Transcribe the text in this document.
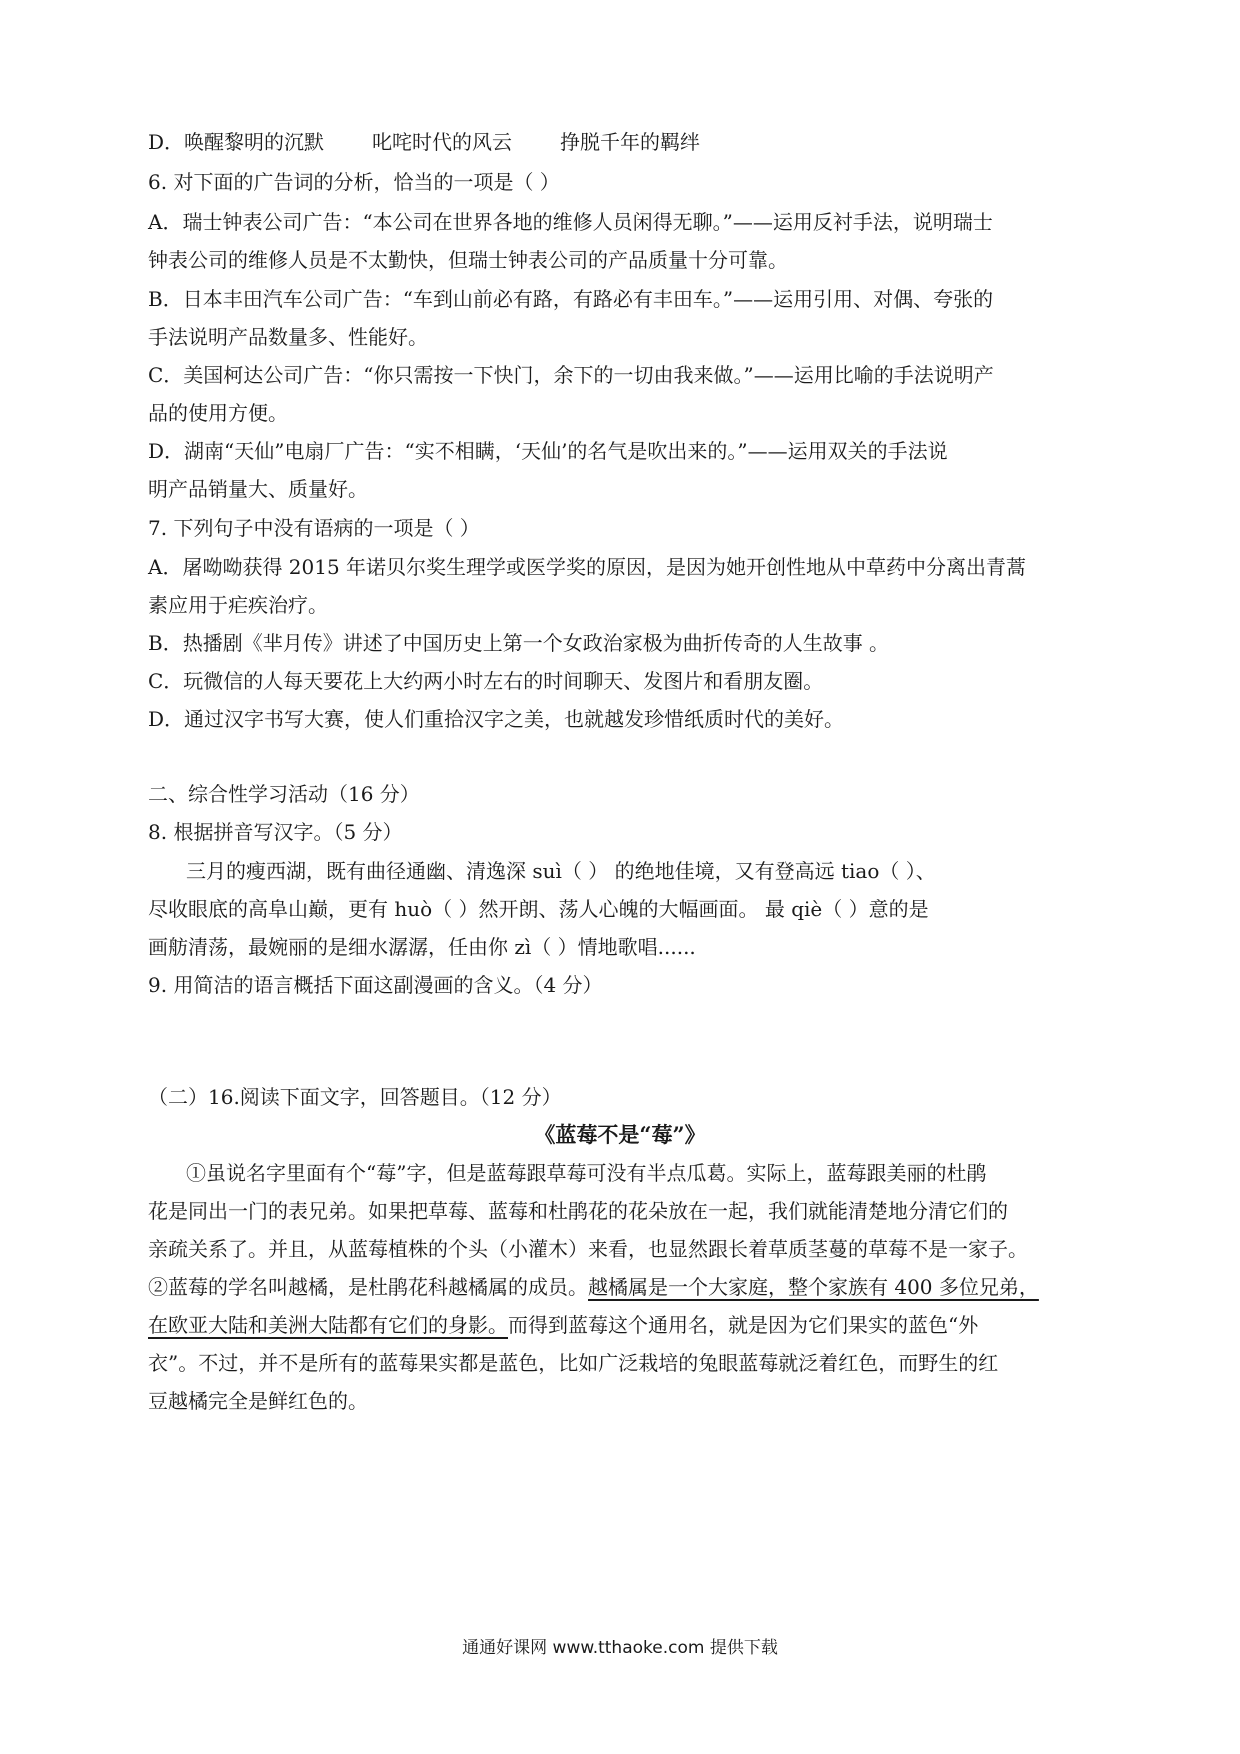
D．唤醒黎明的沉默 叱咤时代的风云 挣脱千年的羁绊
6. 对下面的广告词的分析，恰当的一项是（ ）
A．瑞士钟表公司广告：“本公司在世界各地的维修人员闲得无聊。”——运用反衬手法，说明瑞士
钟表公司的维修人员是不太勤快，但瑞士钟表公司的产品质量十分可靠。
B．日本丰田汽车公司广告：“车到山前必有路，有路必有丰田车。”——运用引用、对偶、夸张的
手法说明产品数量多、性能好。
C．美国柯达公司广告：“你只需按一下快门，余下的一切由我来做。”——运用比喻的手法说明产
品的使用方便。
D．湖南“天仙”电扇厂广告：“实不相瞒，‘天仙’的名气是吹出来的。”——运用双关的手法说
明产品销量大、质量好。
7. 下列句子中没有语病的一项是（ ）
A．屠呦呦获得 2015 年诺贝尔奖生理学或医学奖的原因，是因为她开创性地从中草药中分离出青蒿
素应用于疟疾治疗。
B．热播剧《芈月传》讲述了中国历史上第一个女政治家极为曲折传奇的人生故事 。
C．玩微信的人每天要花上大约两小时左右的时间聊天、发图片和看朋友圈。
D．通过汉字书写大赛，使人们重拾汉字之美，也就越发珍惜纸质时代的美好。
二、综合性学习活动（16 分）
8. 根据拼音写汉字。（5 分）
三月的瘦西湖，既有曲径通幽、清逸深 suì（ ） 的绝地佳境，又有登高远 tiao（ ）、
尽收眼底的高阜山巅，更有 huò（ ）然开朗、荡人心魄的大幅画面。 最 qiè（ ）意的是
画舫清荡，最婉丽的是细水潺潺，任由你 zì（ ）情地歌唱......
9. 用简洁的语言概括下面这副漫画的含义。（4 分）
（二）16.阅读下面文字，回答题目。（12 分）
《蓝莓不是“莓”》
①虽说名字里面有个“莓”字，但是蓝莓跟草莓可没有半点瓜葛。实际上，蓝莓跟美丽的杜鹃
花是同出一门的表兄弟。如果把草莓、蓝莓和杜鹃花的花朵放在一起，我们就能清楚地分清它们的
亲疏关系了。并且，从蓝莓植株的个头（小灌木）来看，也显然跟长着草质茎蔓的草莓不是一家子。
②蓝莓的学名叫越橘，是杜鹃花科越橘属的成员。越橘属是一个大家庭，整个家族有 400 多位兄弟，
在欧亚大陆和美洲大陆都有它们的身影。而得到蓝莓这个通用名，就是因为它们果实的蓝色“外
衣”。不过，并不是所有的蓝莓果实都是蓝色，比如广泛栽培的兔眼蓝莓就泛着红色，而野生的红
豆越橘完全是鲜红色的。
通通好课网 www.tthaoke.com 提供下载
